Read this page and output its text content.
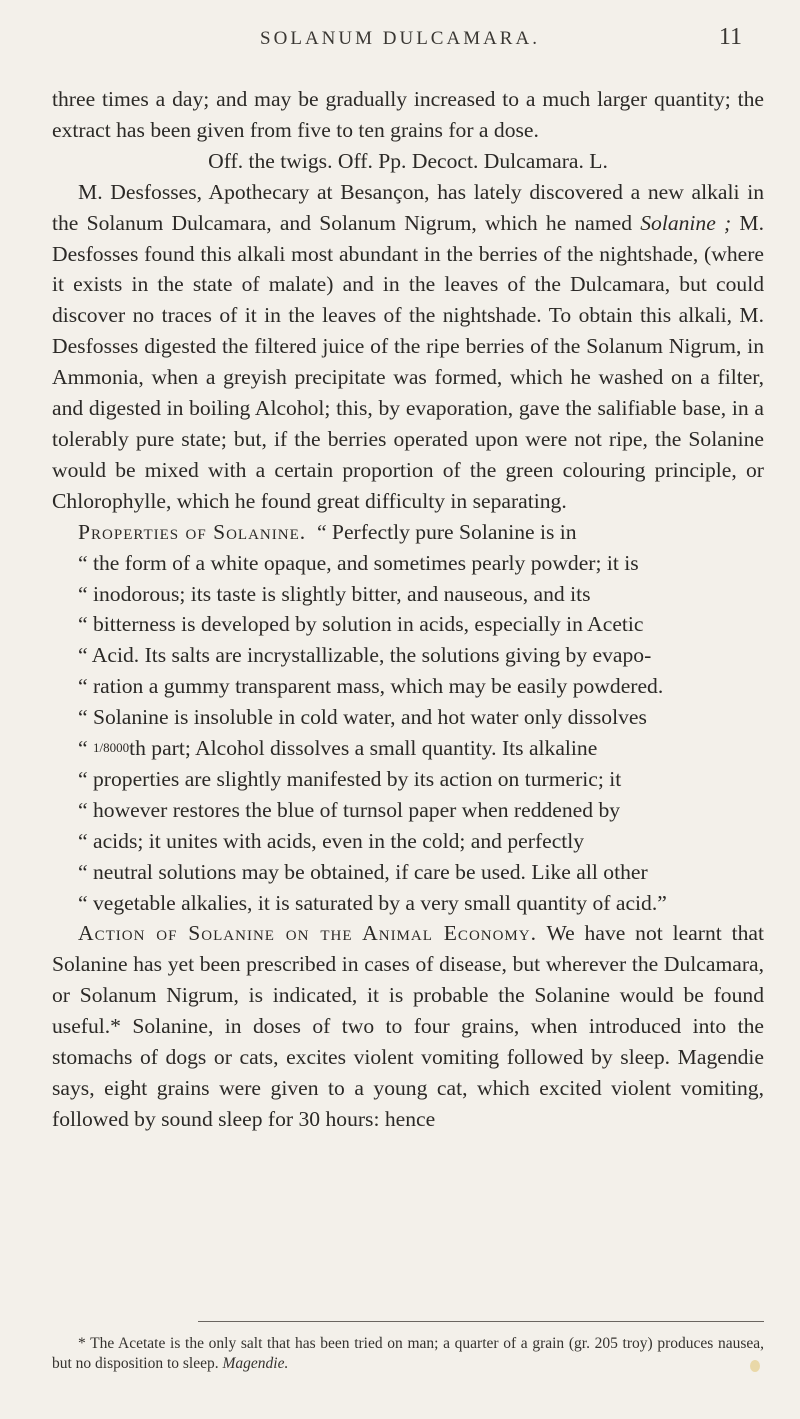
SOLANUM DULCAMARA.	11

three times a day; and may be gradually increased to a much larger quantity; the extract has been given from five to ten grains for a dose.

Off. the twigs. Off. Pp. Decoct. Dulcamara. L.

M. Desfosses, Apothecary at Besançon, has lately discovered a new alkali in the Solanum Dulcamara, and Solanum Nigrum, which he named Solanine ; M. Desfosses found this alkali most abundant in the berries of the nightshade, (where it exists in the state of malate) and in the leaves of the Dulcamara, but could discover no traces of it in the leaves of the nightshade. To obtain this alkali, M. Desfosses digested the filtered juice of the ripe berries of the Solanum Nigrum, in Ammonia, when a greyish precipitate was formed, which he washed on a filter, and digested in boiling Alcohol; this, by evaporation, gave the salifiable base, in a tolerably pure state; but, if the berries operated upon were not ripe, the Solanine would be mixed with a certain proportion of the green colouring principle, or Chlorophylle, which he found great difficulty in separating.

Properties of Solanine. “ Perfectly pure Solanine is in
“ the form of a white opaque, and sometimes pearly powder; it is
“ inodorous; its taste is slightly bitter, and nauseous, and its
“ bitterness is developed by solution in acids, especially in Acetic
“ Acid. Its salts are incrystallizable, the solutions giving by evapo-
“ ration a gummy transparent mass, which may be easily powdered.
“ Solanine is insoluble in cold water, and hot water only dissolves
“ 1/8000th part; Alcohol dissolves a small quantity. Its alkaline
“ properties are slightly manifested by its action on turmeric; it
“ however restores the blue of turnsol paper when reddened by
“ acids; it unites with acids, even in the cold; and perfectly
“ neutral solutions may be obtained, if care be used. Like all other
“ vegetable alkalies, it is saturated by a very small quantity of acid.”

Action of Solanine on the Animal Economy. We have not learnt that Solanine has yet been prescribed in cases of disease, but wherever the Dulcamara, or Solanum Nigrum, is indicated, it is probable the Solanine would be found useful.* Solanine, in doses of two to four grains, when introduced into the stomachs of dogs or cats, excites violent vomiting followed by sleep. Magendie says, eight grains were given to a young cat, which excited violent vomiting, followed by sound sleep for 30 hours: hence

* The Acetate is the only salt that has been tried on man; a quarter of a grain (gr. 205 troy) produces nausea, but no disposition to sleep. Magendie.
